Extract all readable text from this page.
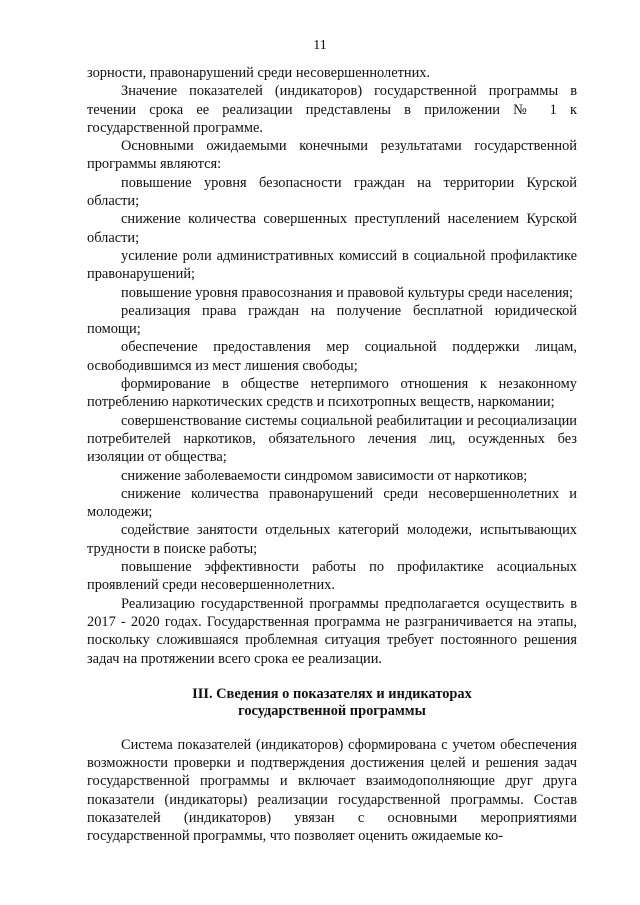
11

зорности, правонарушений среди несовершеннолетних.

Значение показателей (индикаторов) государственной программы в течении срока ее реализации представлены в приложении № 1 к государственной программе.

Основными ожидаемыми конечными результатами государственной программы являются:

повышение уровня безопасности граждан на территории Курской области;

снижение количества совершенных преступлений населением Курской области;

усиление роли административных комиссий в социальной профилактике правонарушений;

повышение уровня правосознания и правовой культуры среди населения;

реализация права граждан на получение бесплатной юридической помощи;

обеспечение предоставления мер социальной поддержки лицам, освободившимся из мест лишения свободы;

формирование в обществе нетерпимого отношения к незаконному потреблению наркотических средств и психотропных веществ, наркомании;

совершенствование системы социальной реабилитации и ресоциализации потребителей наркотиков, обязательного лечения лиц, осужденных без изоляции от общества;

снижение заболеваемости синдромом зависимости от наркотиков;

снижение количества правонарушений среди несовершеннолетних и молодежи;

содействие занятости отдельных категорий молодежи, испытывающих трудности в поиске работы;

повышение эффективности работы по профилактике асоциальных проявлений среди несовершеннолетних.

Реализацию государственной программы предполагается осуществить в 2017 - 2020 годах. Государственная программа не разграничивается на этапы, поскольку сложившаяся проблемная ситуация требует постоянного решения задач на протяжении всего срока ее реализации.

III. Сведения о показателях и индикаторах
государственной программы

Система показателей (индикаторов) сформирована с учетом обеспечения возможности проверки и подтверждения достижения целей и решения задач государственной программы и включает взаимодополняющие друг друга показатели (индикаторы) реализации государственной программы. Состав показателей (индикаторов) увязан с основными мероприятиями государственной программы, что позволяет оценить ожидаемые ко-
